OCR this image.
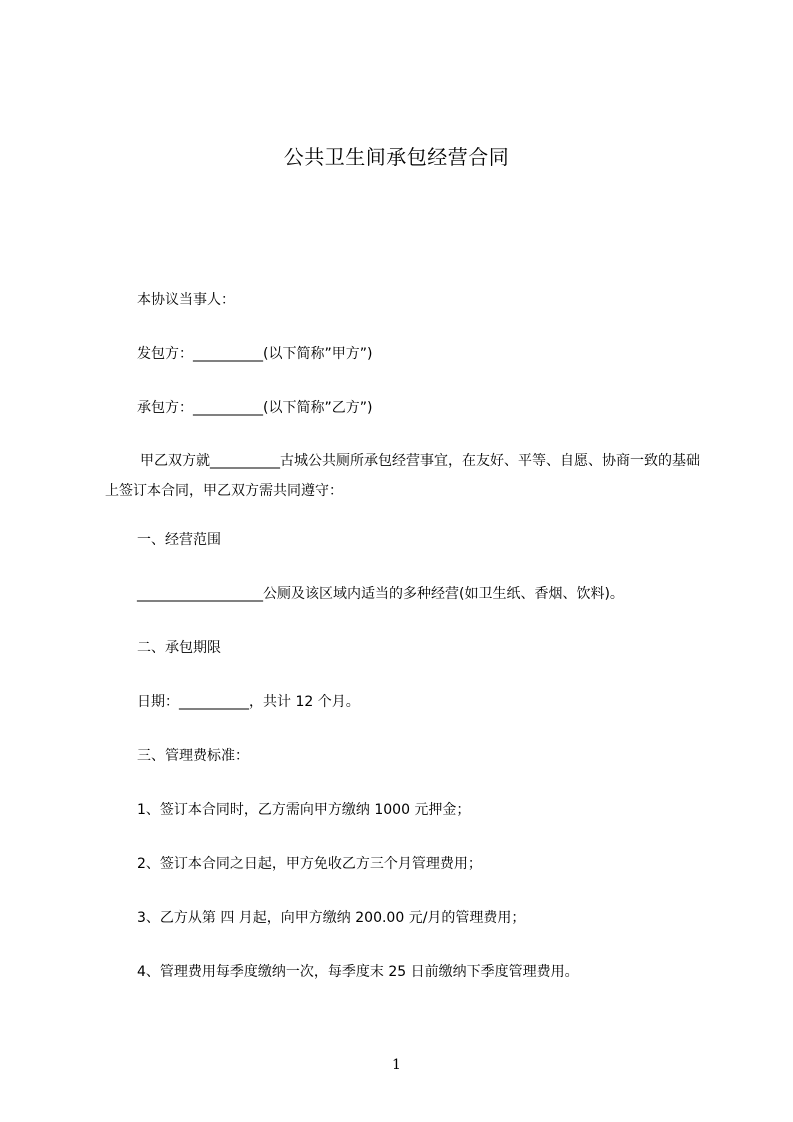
公共卫生间承包经营合同
本协议当事人：
发包方：__________(以下简称”甲方”)
承包方：__________(以下简称”乙方”)
甲乙双方就__________古城公共厕所承包经营事宜，在友好、平等、自愿、协商一致的基础上签订本合同，甲乙双方需共同遵守：
一、经营范围
__________________公厕及该区域内适当的多种经营(如卫生纸、香烟、饮料)。
二、承包期限
日期：__________，共计 12 个月。
三、管理费标准：
1、签订本合同时，乙方需向甲方缴纳 1000 元押金；
2、签订本合同之日起，甲方免收乙方三个月管理费用；
3、乙方从第 四 月起，向甲方缴纳 200.00 元/月的管理费用；
4、管理费用每季度缴纳一次，每季度末 25 日前缴纳下季度管理费用。
1
